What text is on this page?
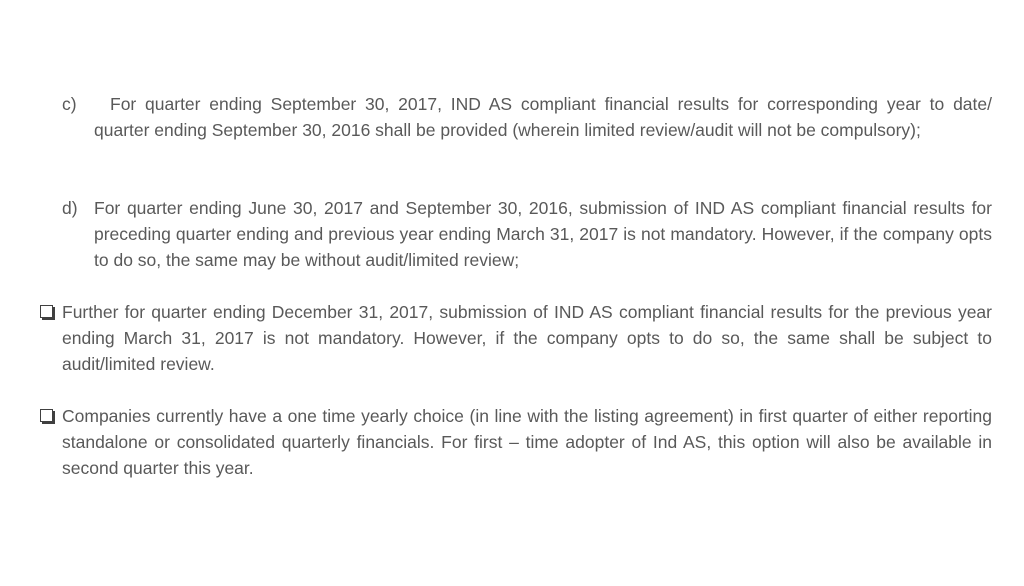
c)	For quarter ending September 30, 2017, IND AS compliant financial results for corresponding year to date/ quarter ending September 30, 2016 shall be provided (wherein limited review/audit will not be compulsory);
d) For quarter ending June 30, 2017 and September 30, 2016, submission of IND AS compliant financial results for preceding quarter ending and previous year ending March 31, 2017 is not mandatory. However, if the company opts to do so, the same may be without audit/limited review;
Further for quarter ending December 31, 2017, submission of IND AS compliant financial results for the previous year ending March 31, 2017 is not mandatory. However, if the company opts to do so, the same shall be subject to audit/limited review.
Companies currently have a one time yearly choice (in line with the listing agreement) in first quarter of either reporting standalone or consolidated quarterly financials. For first – time adopter of Ind AS, this option will also be available in second quarter this year.
